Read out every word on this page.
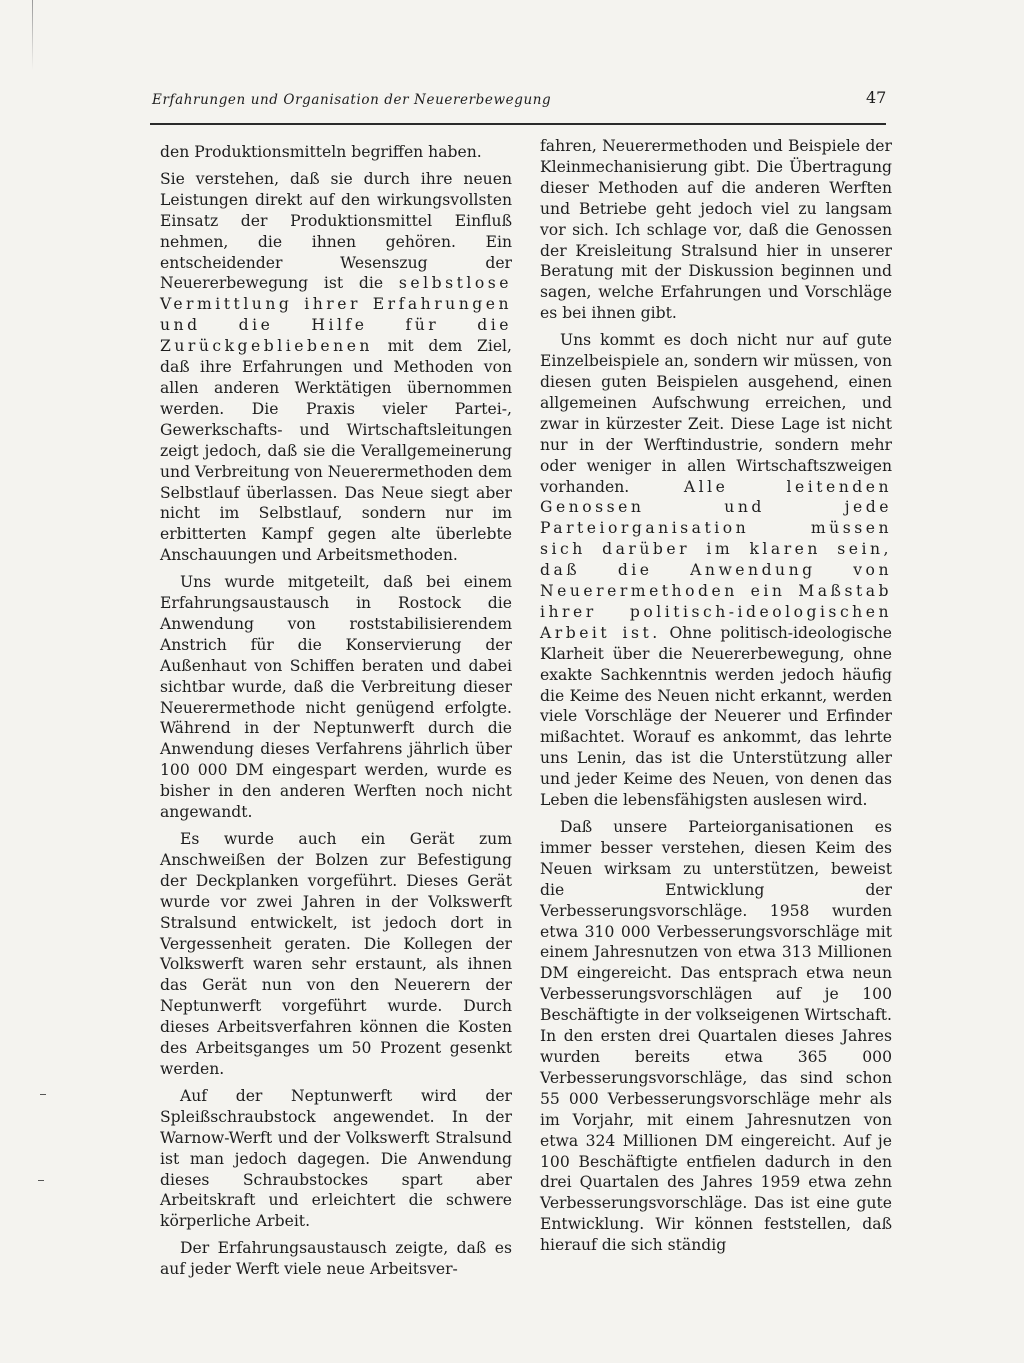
Erfahrungen und Organisation der Neuererbewegung	47

den Produktionsmitteln begriffen haben.

Sie verstehen, daß sie durch ihre neuen Leistungen direkt auf den wirkungsvollsten Einsatz der Produktionsmittel Einfluß nehmen, die ihnen gehören. Ein entscheidender Wesenszug der Neuererbewegung ist die selbstlose Vermittlung ihrer Erfahrungen und die Hilfe für die Zurückgebliebenen mit dem Ziel, daß ihre Erfahrungen und Methoden von allen anderen Werktätigen übernommen werden. Die Praxis vieler Partei-, Gewerkschafts- und Wirtschaftsleitungen zeigt jedoch, daß sie die Verallgemeinerung und Verbreitung von Neuerermethoden dem Selbstlauf überlassen. Das Neue siegt aber nicht im Selbstlauf, sondern nur im erbitterten Kampf gegen alte überlebte Anschauungen und Arbeitsmethoden.

Uns wurde mitgeteilt, daß bei einem Erfahrungsaustausch in Rostock die Anwendung von roststabilisierendem Anstrich für die Konservierung der Außenhaut von Schiffen beraten und dabei sichtbar wurde, daß die Verbreitung dieser Neuerermethode nicht genügend erfolgte. Während in der Neptunwerft durch die Anwendung dieses Verfahrens jährlich über 100 000 DM eingespart werden, wurde es bisher in den anderen Werften noch nicht angewandt.

Es wurde auch ein Gerät zum Anschweißen der Bolzen zur Befestigung der Deckplanken vorgeführt. Dieses Gerät wurde vor zwei Jahren in der Volkswerft Stralsund entwickelt, ist jedoch dort in Vergessenheit geraten. Die Kollegen der Volkswerft waren sehr erstaunt, als ihnen das Gerät nun von den Neuerern der Neptunwerft vorgeführt wurde. Durch dieses Arbeitsverfahren können die Kosten des Arbeitsganges um 50 Prozent gesenkt werden.

Auf der Neptunwerft wird der Spleißschraubstock angewendet. In der Warnow-Werft und der Volkswerft Stralsund ist man jedoch dagegen. Die Anwendung dieses Schraubstockes spart aber Arbeitskraft und erleichtert die schwere körperliche Arbeit.

Der Erfahrungsaustausch zeigte, daß es auf jeder Werft viele neue Arbeitsver-

fahren, Neuerermethoden und Beispiele der Kleinmechanisierung gibt. Die Übertragung dieser Methoden auf die anderen Werften und Betriebe geht jedoch viel zu langsam vor sich. Ich schlage vor, daß die Genossen der Kreisleitung Stralsund hier in unserer Beratung mit der Diskussion beginnen und sagen, welche Erfahrungen und Vorschläge es bei ihnen gibt.

Uns kommt es doch nicht nur auf gute Einzelbeispiele an, sondern wir müssen, von diesen guten Beispielen ausgehend, einen allgemeinen Aufschwung erreichen, und zwar in kürzester Zeit. Diese Lage ist nicht nur in der Werftindustrie, sondern mehr oder weniger in allen Wirtschaftszweigen vorhanden. Alle leitenden Genossen und jede Parteiorganisation müssen sich darüber im klaren sein, daß die Anwendung von Neuerermethoden ein Maßstab ihrer politisch-ideologischen Arbeit ist. Ohne politisch-ideologische Klarheit über die Neuererbewegung, ohne exakte Sachkenntnis werden jedoch häufig die Keime des Neuen nicht erkannt, werden viele Vorschläge der Neuerer und Erfinder mißachtet. Worauf es ankommt, das lehrte uns Lenin, das ist die Unterstützung aller und jeder Keime des Neuen, von denen das Leben die lebensfähigsten auslesen wird.

Daß unsere Parteiorganisationen es immer besser verstehen, diesen Keim des Neuen wirksam zu unterstützen, beweist die Entwicklung der Verbesserungsvorschläge. 1958 wurden etwa 310 000 Verbesserungsvorschläge mit einem Jahresnutzen von etwa 313 Millionen DM eingereicht. Das entsprach etwa neun Verbesserungsvorschlägen auf je 100 Beschäftigte in der volkseigenen Wirtschaft. In den ersten drei Quartalen dieses Jahres wurden bereits etwa 365 000 Verbesserungsvorschläge, das sind schon 55 000 Verbesserungsvorschläge mehr als im Vorjahr, mit einem Jahresnutzen von etwa 324 Millionen DM eingereicht. Auf je 100 Beschäftigte entfielen dadurch in den drei Quartalen des Jahres 1959 etwa zehn Verbesserungsvorschläge. Das ist eine gute Entwicklung. Wir können feststellen, daß hierauf die sich ständig
